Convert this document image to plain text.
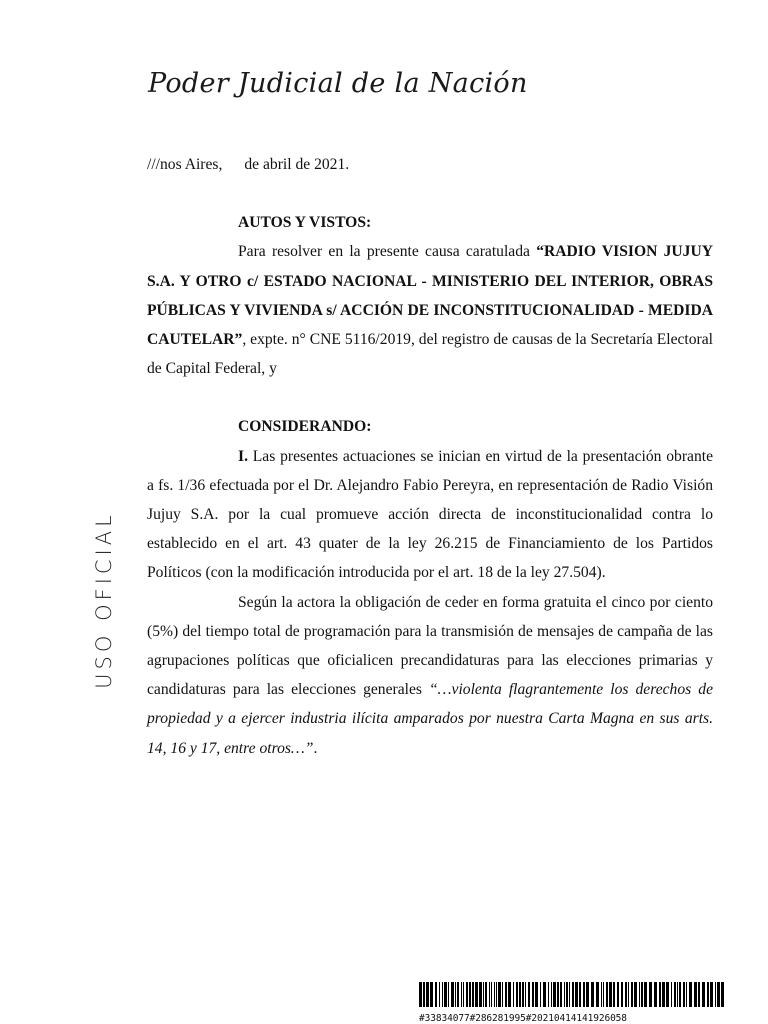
Poder Judicial de la Nación
USO OFICIAL

///nos Aires, de abril de 2021.

AUTOS Y VISTOS:

Para resolver en la presente causa caratulada “RADIO VISION JUJUY S.A. Y OTRO c/ ESTADO NACIONAL - MINISTERIO DEL INTERIOR, OBRAS PÚBLICAS Y VIVIENDA s/ ACCIÓN DE INCONSTITUCIONALIDAD - MEDIDA CAUTELAR”, expte. n° CNE 5116/2019, del registro de causas de la Secretaría Electoral de Capital Federal, y

CONSIDERANDO:

I. Las presentes actuaciones se inician en virtud de la presentación obrante a fs. 1/36 efectuada por el Dr. Alejandro Fabio Pereyra, en representación de Radio Visión Jujuy S.A. por la cual promueve acción directa de inconstitucionalidad contra lo establecido en el art. 43 quater de la ley 26.215 de Financiamiento de los Partidos Políticos (con la modificación introducida por el art. 18 de la ley 27.504).

Según la actora la obligación de ceder en forma gratuita el cinco por ciento (5%) del tiempo total de programación para la transmisión de mensajes de campaña de las agrupaciones políticas que oficialicen precandidaturas para las elecciones primarias y candidaturas para las elecciones generales “…violenta flagrantemente los derechos de propiedad y a ejercer industria ilícita amparados por nuestra Carta Magna en sus arts. 14, 16 y 17, entre otros…”.

#33834077#286281995#20210414141926058
